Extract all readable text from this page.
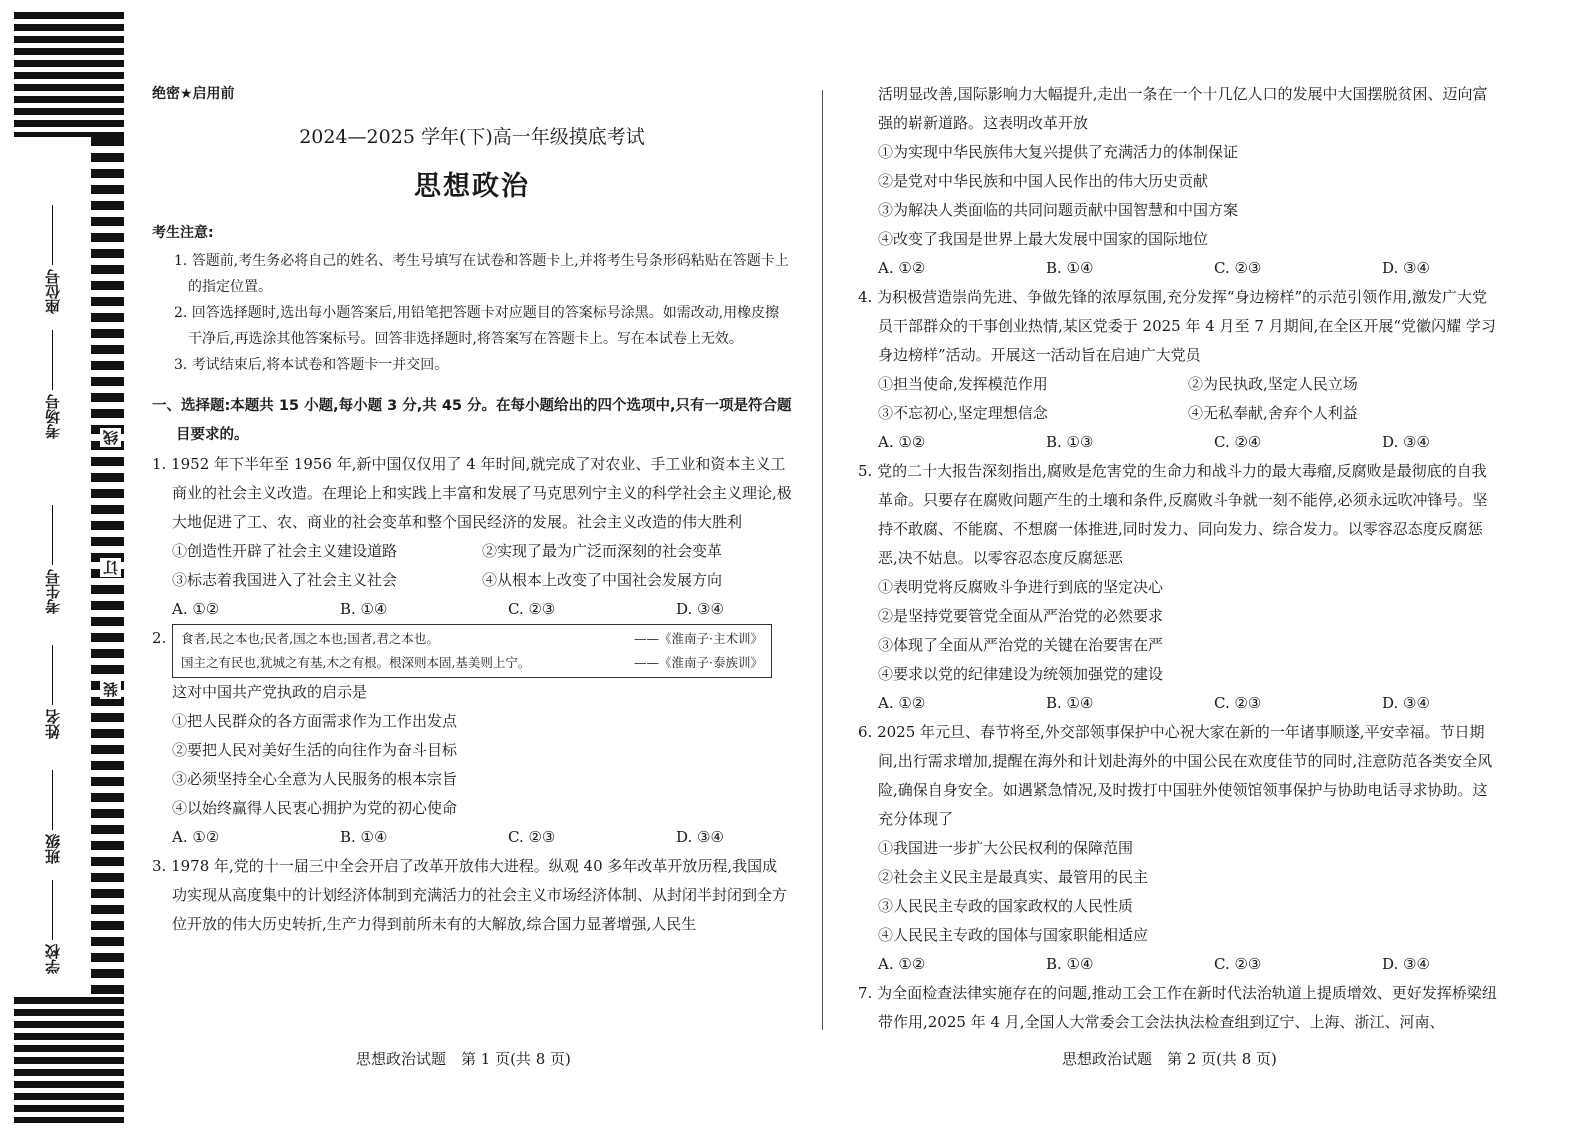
座位号
考场号
考生号
姓名
班级
学校
线
订
装
绝密★启用前
2024—2025 学年(下)高一年级摸底考试
思想政治
考生注意:
1. 答题前,考生务必将自己的姓名、考生号填写在试卷和答题卡上,并将考生号条形码粘贴在答题卡上的指定位置。
2. 回答选择题时,选出每小题答案后,用铅笔把答题卡对应题目的答案标号涂黑。如需改动,用橡皮擦干净后,再选涂其他答案标号。回答非选择题时,将答案写在答题卡上。写在本试卷上无效。
3. 考试结束后,将本试卷和答题卡一并交回。
一、选择题:本题共 15 小题,每小题 3 分,共 45 分。在每小题给出的四个选项中,只有一项是符合题目要求的。
1. 1952 年下半年至 1956 年,新中国仅仅用了 4 年时间,就完成了对农业、手工业和资本主义工商业的社会主义改造。在理论上和实践上丰富和发展了马克思列宁主义的科学社会主义理论,极大地促进了工、农、商业的社会变革和整个国民经济的发展。社会主义改造的伟大胜利
①创造性开辟了社会主义建设道路	②实现了最为广泛而深刻的社会变革
③标志着我国进入了社会主义社会	④从根本上改变了中国社会发展方向
A. ①②	B. ①④	C. ②③	D. ③④
2. 食者,民之本也;民者,国之本也;国者,君之本也。	——《淮南子·主术训》
国主之有民也,犹城之有基,木之有根。根深则本固,基美则上宁。	——《淮南子·泰族训》
这对中国共产党执政的启示是
①把人民群众的各方面需求作为工作出发点
②要把人民对美好生活的向往作为奋斗目标
③必须坚持全心全意为人民服务的根本宗旨
④以始终赢得人民衷心拥护为党的初心使命
A. ①②	B. ①④	C. ②③	D. ③④
3. 1978 年,党的十一届三中全会开启了改革开放伟大进程。纵观 40 多年改革开放历程,我国成功实现从高度集中的计划经济体制到充满活力的社会主义市场经济体制、从封闭半封闭到全方位开放的伟大历史转折,生产力得到前所未有的大解放,综合国力显著增强,人民生
活明显改善,国际影响力大幅提升,走出一条在一个十几亿人口的发展中大国摆脱贫困、迈向富强的崭新道路。这表明改革开放
①为实现中华民族伟大复兴提供了充满活力的体制保证
②是党对中华民族和中国人民作出的伟大历史贡献
③为解决人类面临的共同问题贡献中国智慧和中国方案
④改变了我国是世界上最大发展中国家的国际地位
A. ①②	B. ①④	C. ②③	D. ③④
4. 为积极营造崇尚先进、争做先锋的浓厚氛围,充分发挥“身边榜样”的示范引领作用,激发广大党员干部群众的干事创业热情,某区党委于 2025 年 4 月至 7 月期间,在全区开展“党徽闪耀 学习身边榜样”活动。开展这一活动旨在启迪广大党员
①担当使命,发挥模范作用	②为民执政,坚定人民立场
③不忘初心,坚定理想信念	④无私奉献,舍弃个人利益
A. ①②	B. ①③	C. ②④	D. ③④
5. 党的二十大报告深刻指出,腐败是危害党的生命力和战斗力的最大毒瘤,反腐败是最彻底的自我革命。只要存在腐败问题产生的土壤和条件,反腐败斗争就一刻不能停,必须永远吹冲锋号。坚持不敢腐、不能腐、不想腐一体推进,同时发力、同向发力、综合发力。以零容忍态度反腐惩恶,决不姑息。以零容忍态度反腐惩恶
①表明党将反腐败斗争进行到底的坚定决心
②是坚持党要管党全面从严治党的必然要求
③体现了全面从严治党的关键在治要害在严
④要求以党的纪律建设为统领加强党的建设
A. ①②	B. ①④	C. ②③	D. ③④
6. 2025 年元旦、春节将至,外交部领事保护中心祝大家在新的一年诸事顺遂,平安幸福。节日期间,出行需求增加,提醒在海外和计划赴海外的中国公民在欢度佳节的同时,注意防范各类安全风险,确保自身安全。如遇紧急情况,及时拨打中国驻外使领馆领事保护与协助电话寻求协助。这充分体现了
①我国进一步扩大公民权利的保障范围
②社会主义民主是最真实、最管用的民主
③人民民主专政的国家政权的人民性质
④人民民主专政的国体与国家职能相适应
A. ①②	B. ①④	C. ②③	D. ③④
7. 为全面检查法律实施存在的问题,推动工会工作在新时代法治轨道上提质增效、更好发挥桥梁纽带作用,2025 年 4 月,全国人大常委会工会法执法检查组到辽宁、上海、浙江、河南、
思想政治试题　第 1 页(共 8 页)	思想政治试题　第 2 页(共 8 页)
